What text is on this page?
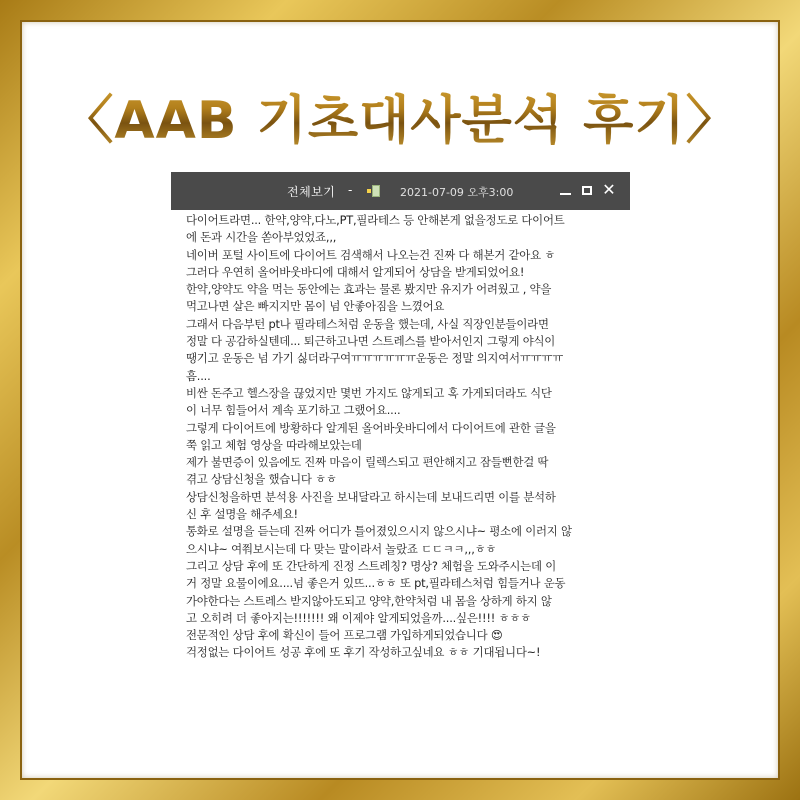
〈AAB 기초대사분석 후기〉
전체보기 -	2021-07-09 오후3:00	✕
다이어트라면... 한약,양약,다노,PT,필라테스 등 안해본게 없을정도로 다이어트
에 돈과 시간을 쏟아부었었죠,,,
네이버 포털 사이트에 다이어트 검색해서 나오는건 진짜 다 해본거 같아요 ㅎ
그러다 우연히 올어바웃바디에 대해서 알게되어 상담을 받게되었어요!
한약,양약도 약을 먹는 동안에는 효과는 물론 봤지만 유지가 어려웠고 , 약을
먹고나면 살은 빠지지만 몸이 넘 안좋아짐을 느꼈어요
그래서 다음부턴 pt나 필라테스처럼 운동을 했는데, 사실 직장인분들이라면
정말 다 공감하실텐데... 퇴근하고나면 스트레스를 받아서인지 그렇게 야식이
땡기고 운동은 넘 가기 싫더라구여ㅠㅠㅠㅠㅠㅠ운동은 정말 의지여서ㅠㅠㅠㅠ
흠....
비싼 돈주고 헬스장을 끊었지만 몇번 가지도 않게되고 혹 가게되더라도 식단
이 너무 힘들어서 계속 포기하고 그랬어요....
그렇게 다이어트에 방황하다 알게된 올어바웃바디에서 다이어트에 관한 글을
쭉 읽고 체험 영상을 따라해보았는데
제가 불면증이 있음에도 진짜 마음이 릴렉스되고 편안해지고 잠들뻔한걸 딱
겪고 상담신청을 했습니다 ㅎㅎ
상담신청을하면 분석용 사진을 보내달라고 하시는데 보내드리면 이를 분석하
신 후 설명을 해주세요!
통화로 설명을 듣는데 진짜 어디가 틀어졌있으시지 않으시냐~ 평소에 이러지 않
으시냐~ 여쭤보시는데 다 맞는 말이라서 놀랐죠 ㄷㄷㅋㅋ,,,ㅎㅎ
그리고 상담 후에 또 간단하게 진정 스트레칭? 명상? 체험을 도와주시는데 이
거 정말 요물이에요....넘 좋은거 있뜨...ㅎㅎ 또 pt,필라테스처럼 힘들거나 운동
가야한다는 스트레스 받지않아도되고 양약,한약처럼 내 몸을 상하게 하지 않
고 오히려 더 좋아지는!!!!!!! 왜 이제야 알게되었을까....싶은!!!! ㅎㅎㅎ
전문적인 상담 후에 확신이 들어 프로그램 가입하게되었습니다 😍
걱정없는 다이어트 성공 후에 또 후기 작성하고싶네요 ㅎㅎ 기대됩니다~!
